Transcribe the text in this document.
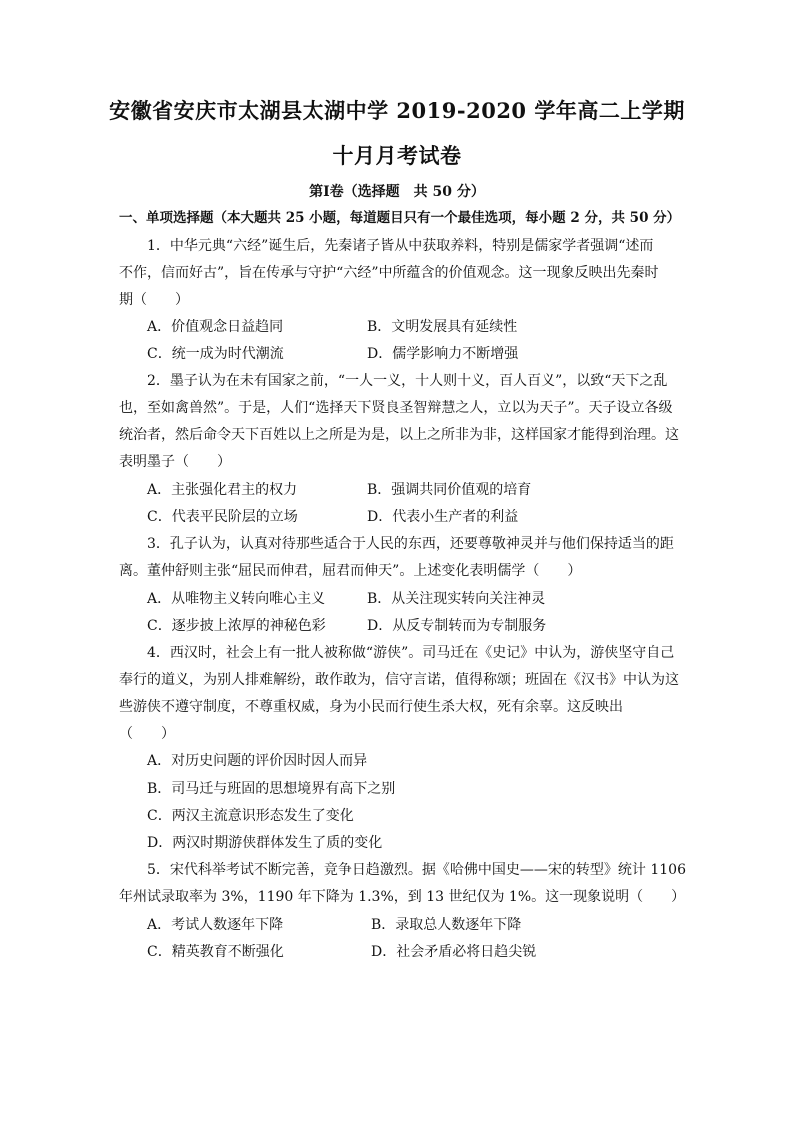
安徽省安庆市太湖县太湖中学 2019-2020 学年高二上学期
十月月考试卷
第Ⅰ卷（选择题　共 50 分）
一、单项选择题（本大题共 25 小题，每道题目只有一个最佳选项，每小题 2 分，共 50 分）
1．中华元典“六经”诞生后，先秦诸子皆从中获取养料，特别是儒家学者强调“述而
不作，信而好古”，旨在传承与守护“六经”中所蕴含的价值观念。这一现象反映出先秦时
期（　　）
A．价值观念日益趋同	B．文明发展具有延续性
C．统一成为时代潮流	D．儒学影响力不断增强
2．墨子认为在未有国家之前，“一人一义，十人则十义，百人百义”，以致“天下之乱
也，至如禽兽然”。于是，人们“选择天下贤良圣智辩慧之人，立以为天子”。天子设立各级
统治者，然后命令天下百姓以上之所是为是，以上之所非为非，这样国家才能得到治理。这
表明墨子（　　）
A．主张强化君主的权力	B．强调共同价值观的培育
C．代表平民阶层的立场	D．代表小生产者的利益
3．孔子认为，认真对待那些适合于人民的东西，还要尊敬神灵并与他们保持适当的距
离。董仲舒则主张“屈民而伸君，屈君而伸天”。上述变化表明儒学（　　）
A．从唯物主义转向唯心主义	B．从关注现实转向关注神灵
C．逐步披上浓厚的神秘色彩	D．从反专制转而为专制服务
4．西汉时，社会上有一批人被称做“游侠”。司马迁在《史记》中认为，游侠坚守自己
奉行的道义，为别人排难解纷，敢作敢为，信守言诺，值得称颂；班固在《汉书》中认为这
些游侠不遵守制度，不尊重权威，身为小民而行使生杀大权，死有余辜。这反映出
（　　）
A．对历史问题的评价因时因人而异
B．司马迁与班固的思想境界有高下之别
C．两汉主流意识形态发生了变化
D．两汉时期游侠群体发生了质的变化
5．宋代科举考试不断完善，竞争日趋激烈。据《哈佛中国史——宋的转型》统计 1106
年州试录取率为 3%，1190 年下降为 1.3%，到 13 世纪仅为 1%。这一现象说明（　　）
A．考试人数逐年下降	B．录取总人数逐年下降
C．精英教育不断强化	D．社会矛盾必将日趋尖锐
